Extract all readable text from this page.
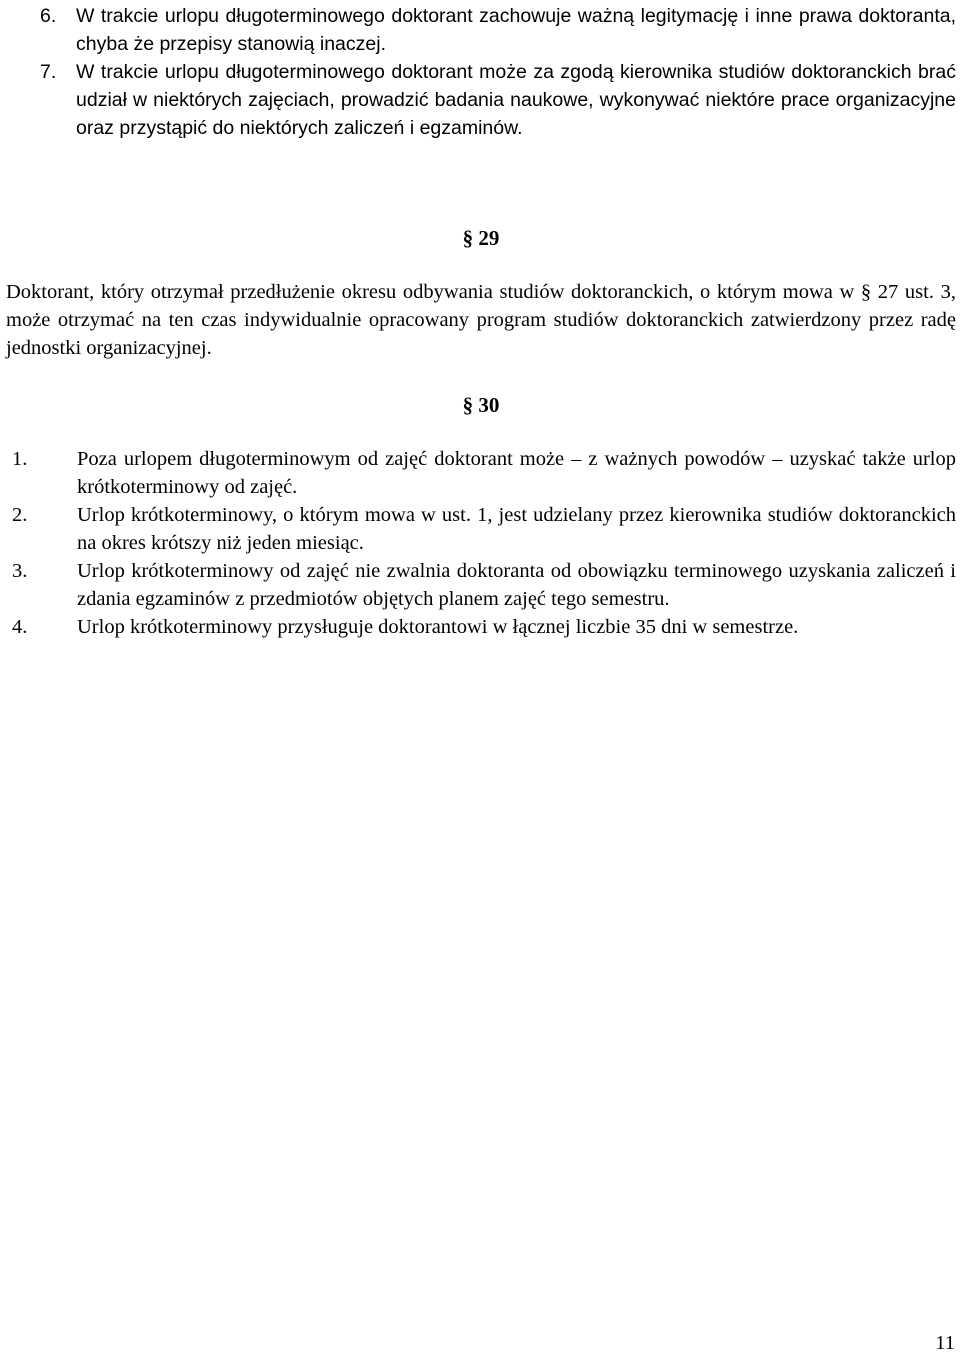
6. W trakcie urlopu długoterminowego doktorant zachowuje ważną legitymację i inne prawa doktoranta, chyba że przepisy stanowią inaczej.
7. W trakcie urlopu długoterminowego doktorant może za zgodą kierownika studiów doktoranckich brać udział w niektórych zajęciach, prowadzić badania naukowe, wykonywać niektóre prace organizacyjne oraz przystąpić do niektórych zaliczeń i egzaminów.
§ 29
Doktorant, który otrzymał przedłużenie okresu odbywania studiów doktoranckich, o którym mowa w § 27 ust. 3, może otrzymać na ten czas indywidualnie opracowany program studiów doktoranckich zatwierdzony przez radę jednostki organizacyjnej.
§ 30
1. Poza urlopem długoterminowym od zajęć doktorant może – z ważnych powodów – uzyskać także urlop krótkoterminowy od zajęć.
2. Urlop krótkoterminowy, o którym mowa w ust. 1, jest udzielany przez kierownika studiów doktoranckich na okres krótszy niż jeden miesiąc.
3. Urlop krótkoterminowy od zajęć nie zwalnia doktoranta od obowiązku terminowego uzyskania zaliczeń i zdania egzaminów z przedmiotów objętych planem zajęć tego semestru.
4. Urlop krótkoterminowy przysługuje doktorantowi w łącznej liczbie 35 dni w semestrze.
11
